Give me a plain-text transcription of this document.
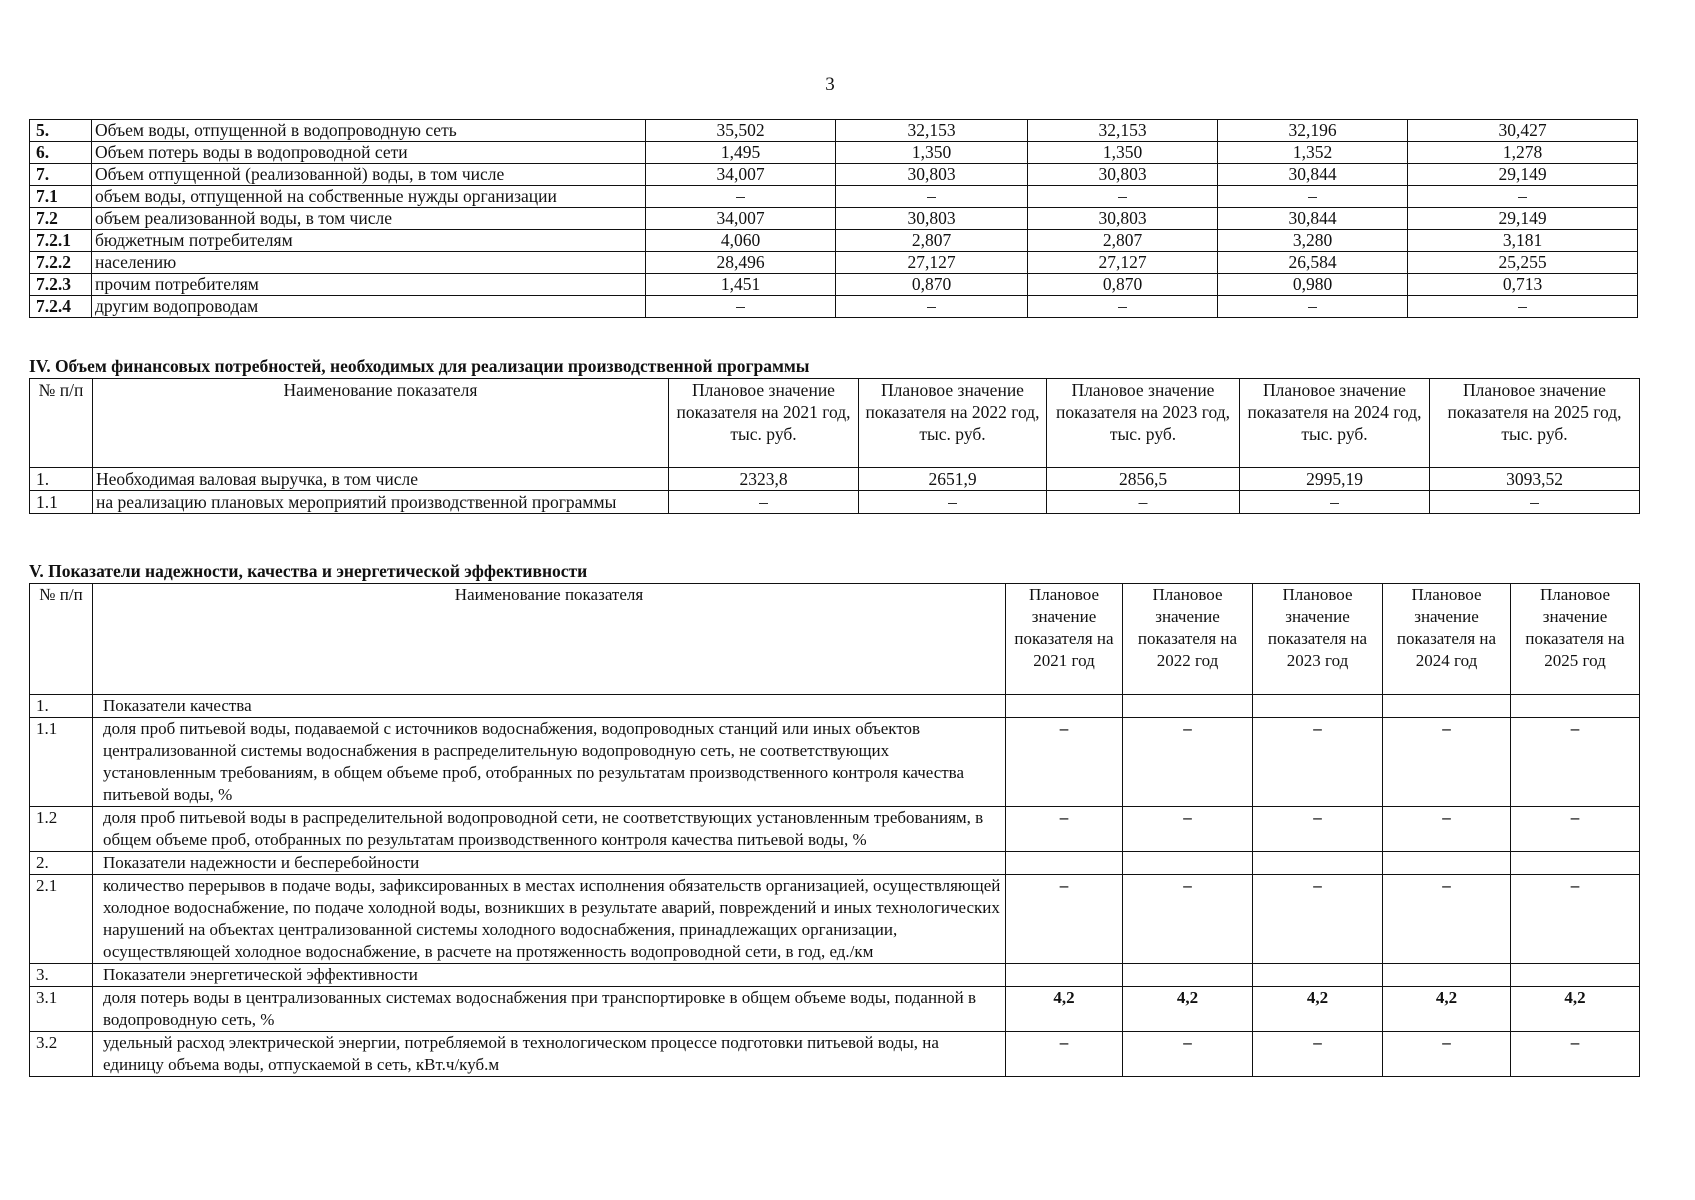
3
5.	Объем воды, отпущенной в водопроводную сеть	35,502	32,153	32,153	32,196	30,427
6.	Объем потерь воды в водопроводной сети	1,495	1,350	1,350	1,352	1,278
7.	Объем отпущенной (реализованной) воды, в том числе	34,007	30,803	30,803	30,844	29,149
7.1	объем воды, отпущенной на собственные нужды организации	–	–	–	–	–
7.2	объем реализованной воды, в том числе	34,007	30,803	30,803	30,844	29,149
7.2.1	бюджетным потребителям	4,060	2,807	2,807	3,280	3,181
7.2.2	населению	28,496	27,127	27,127	26,584	25,255
7.2.3	прочим потребителям	1,451	0,870	0,870	0,980	0,713
7.2.4	другим водопроводам	–	–	–	–	–
IV. Объем финансовых потребностей, необходимых для реализации производственной программы
№ п/п	Наименование показателя	Плановое значение показателя на 2021 год, тыс. руб.	Плановое значение показателя на 2022 год, тыс. руб.	Плановое значение показателя на 2023 год, тыс. руб.	Плановое значение показателя на 2024 год, тыс. руб.	Плановое значение показателя на 2025 год, тыс. руб.
1.	Необходимая валовая выручка, в том числе	2323,8	2651,9	2856,5	2995,19	3093,52
1.1	на реализацию плановых мероприятий производственной программы	–	–	–	–	–
V. Показатели надежности, качества и энергетической эффективности
№ п/п	Наименование показателя	Плановое значение показателя на 2021 год	Плановое значение показателя на 2022 год	Плановое значение показателя на 2023 год	Плановое значение показателя на 2024 год	Плановое значение показателя на 2025 год
1.	Показатели качества					
1.1	доля проб питьевой воды, подаваемой с источников водоснабжения, водопроводных станций или иных объектов централизованной системы водоснабжения в распределительную водопроводную сеть, не соответствующих установленным требованиям, в общем объеме проб, отобранных по результатам производственного контроля качества питьевой воды, %	–	–	–	–	–
1.2	доля проб питьевой воды в распределительной водопроводной сети, не соответствующих установленным требованиям, в общем объеме проб, отобранных по результатам производственного контроля качества питьевой воды, %	–	–	–	–	–
2.	Показатели надежности и бесперебойности					
2.1	количество перерывов в подаче воды, зафиксированных в местах исполнения обязательств организацией, осуществляющей холодное водоснабжение, по подаче холодной воды, возникших в результате аварий, повреждений и иных технологических нарушений на объектах централизованной системы холодного водоснабжения, принадлежащих организации, осуществляющей холодное водоснабжение, в расчете на протяженность водопроводной сети, в год, ед./км	–	–	–	–	–
3.	Показатели энергетической эффективности					
3.1	доля потерь воды в централизованных системах водоснабжения при транспортировке в общем объеме воды, поданной в водопроводную сеть, %	4,2	4,2	4,2	4,2	4,2
3.2	удельный расход электрической энергии, потребляемой в технологическом процессе подготовки питьевой воды, на единицу объема воды, отпускаемой в сеть, кВт.ч/куб.м	–	–	–	–	–
